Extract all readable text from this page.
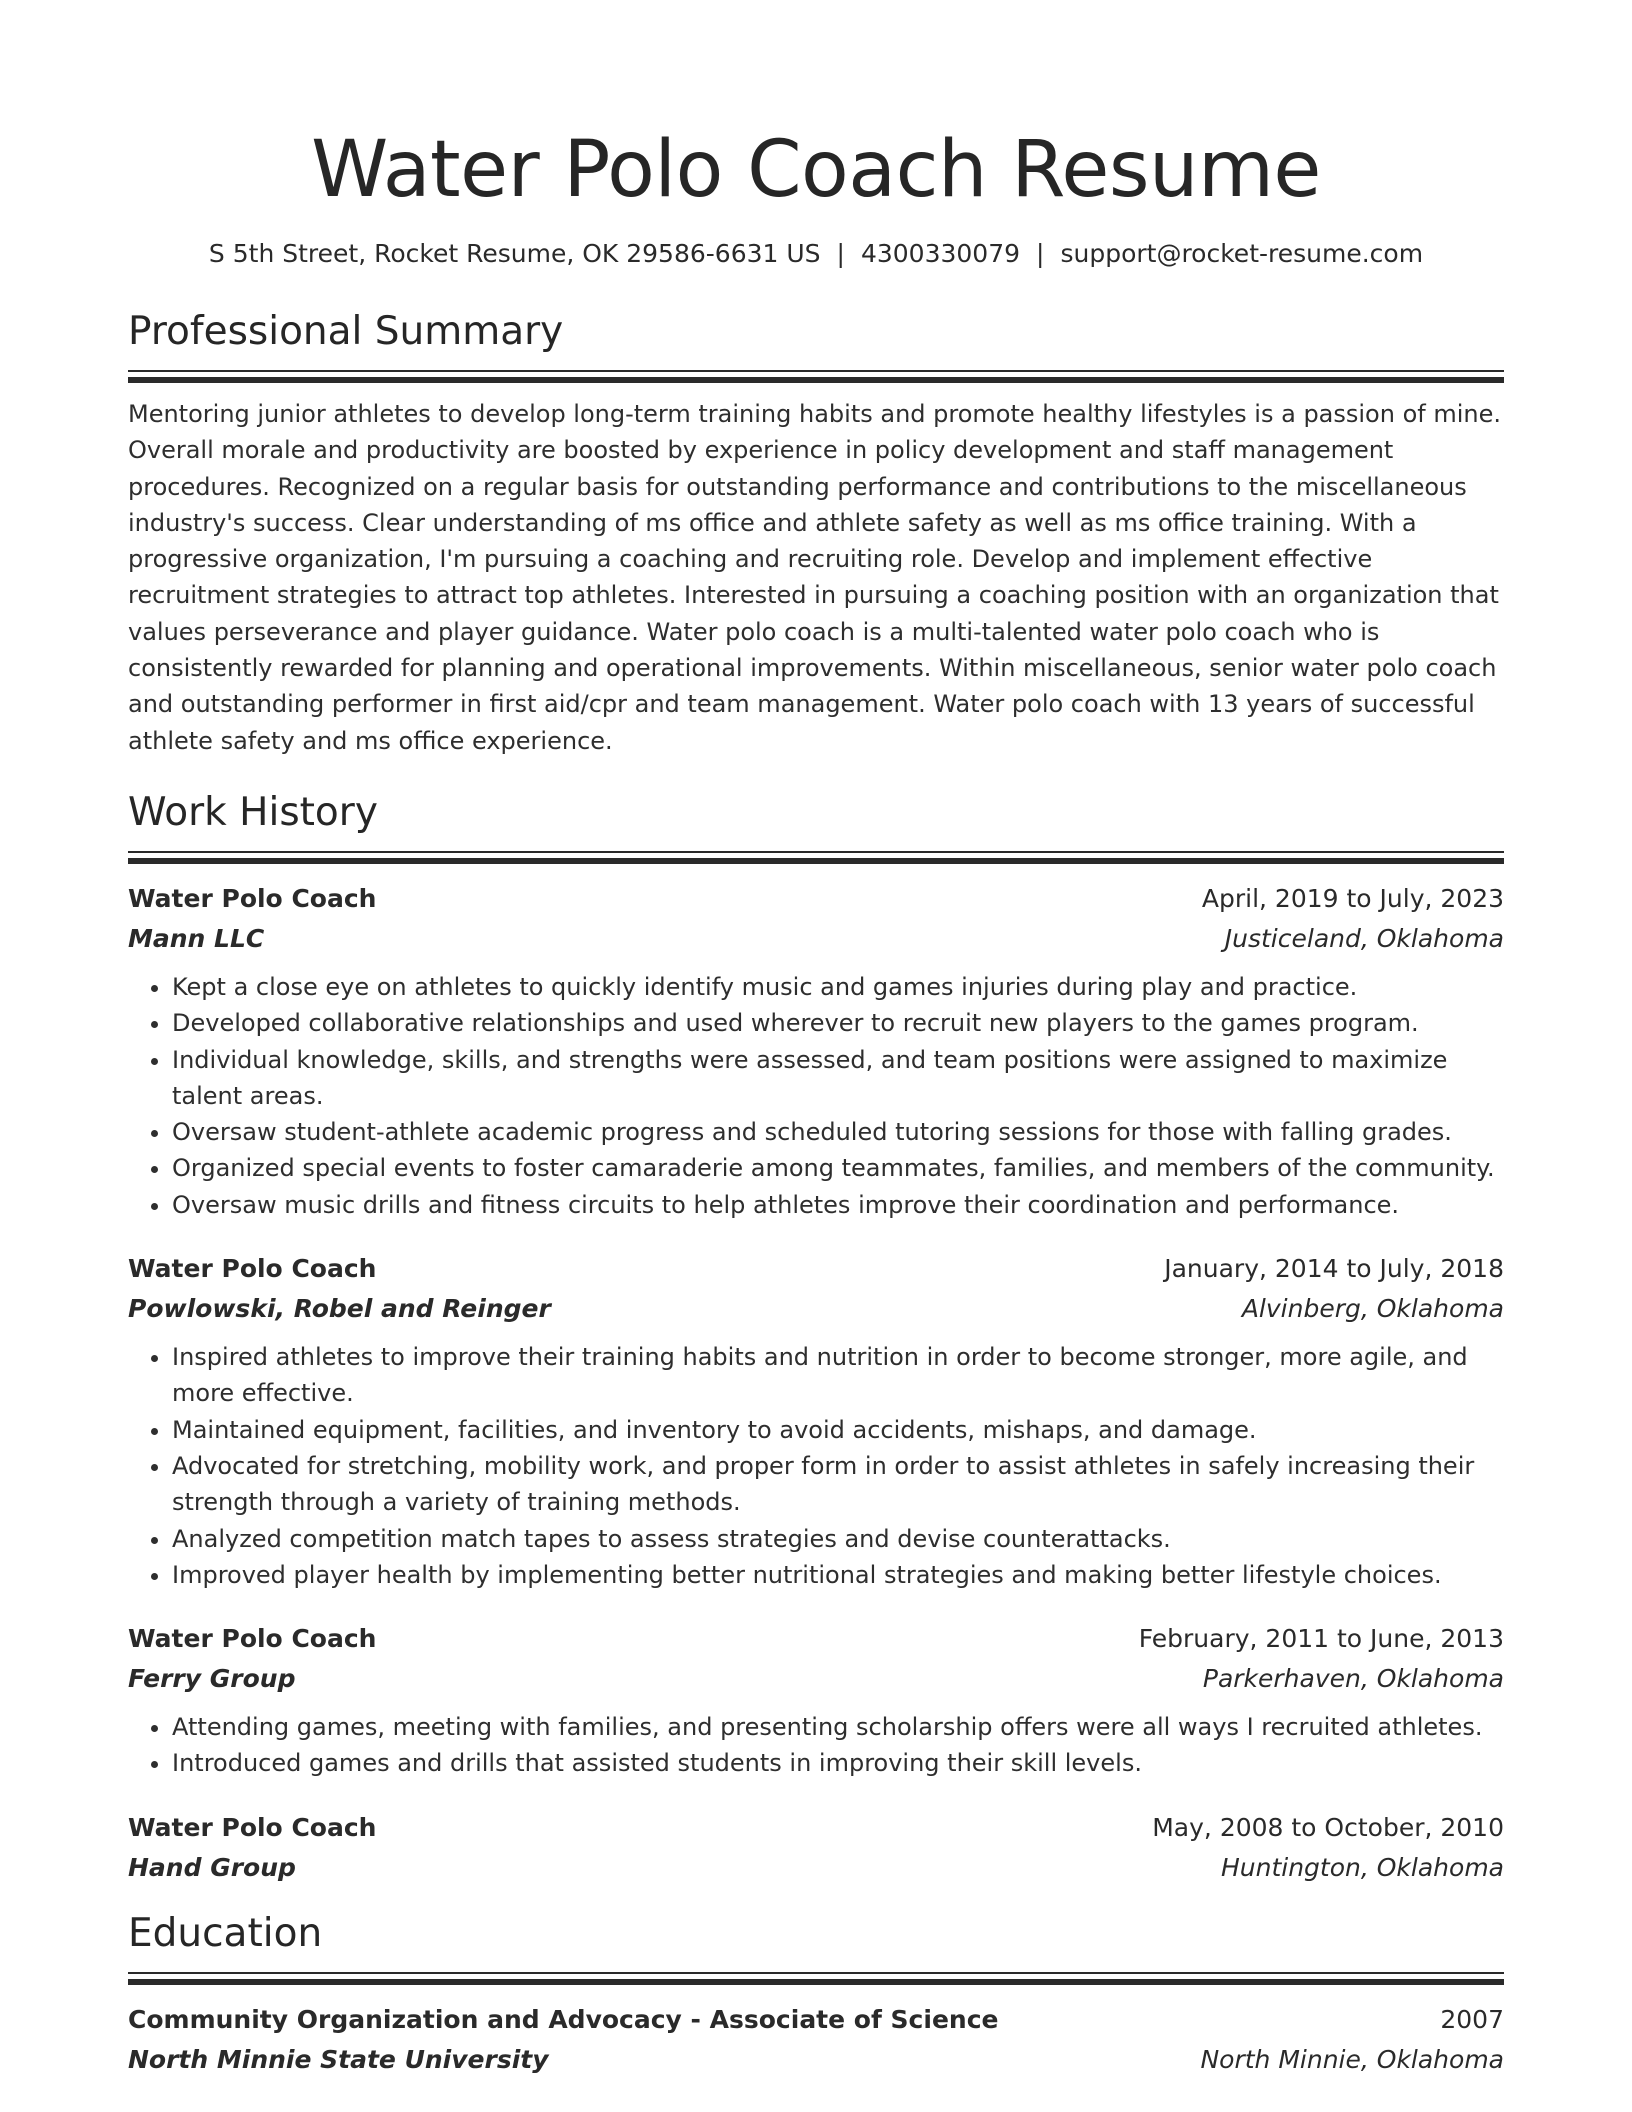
Water Polo Coach Resume
S 5th Street, Rocket Resume, OK 29586-6631 US | 4300330079 | support@rocket-resume.com
Professional Summary

Mentoring junior athletes to develop long-term training habits and promote healthy lifestyles is a passion of mine. Overall morale and productivity are boosted by experience in policy development and staff management procedures. Recognized on a regular basis for outstanding performance and contributions to the miscellaneous industry's success. Clear understanding of ms office and athlete safety as well as ms office training. With a progressive organization, I'm pursuing a coaching and recruiting role. Develop and implement effective recruitment strategies to attract top athletes. Interested in pursuing a coaching position with an organization that values perseverance and player guidance. Water polo coach is a multi-talented water polo coach who is consistently rewarded for planning and operational improvements. Within miscellaneous, senior water polo coach and outstanding performer in first aid/cpr and team management. Water polo coach with 13 years of successful athlete safety and ms office experience.

Work History
Water Polo Coach	April, 2019 to July, 2023
Mann LLC	Justiceland, Oklahoma
• Kept a close eye on athletes to quickly identify music and games injuries during play and practice.
• Developed collaborative relationships and used wherever to recruit new players to the games program.
• Individual knowledge, skills, and strengths were assessed, and team positions were assigned to maximize talent areas.
• Oversaw student-athlete academic progress and scheduled tutoring sessions for those with falling grades.
• Organized special events to foster camaraderie among teammates, families, and members of the community.
• Oversaw music drills and fitness circuits to help athletes improve their coordination and performance.
Water Polo Coach	January, 2014 to July, 2018
Powlowski, Robel and Reinger	Alvinberg, Oklahoma
• Inspired athletes to improve their training habits and nutrition in order to become stronger, more agile, and more effective.
• Maintained equipment, facilities, and inventory to avoid accidents, mishaps, and damage.
• Advocated for stretching, mobility work, and proper form in order to assist athletes in safely increasing their strength through a variety of training methods.
• Analyzed competition match tapes to assess strategies and devise counterattacks.
• Improved player health by implementing better nutritional strategies and making better lifestyle choices.
Water Polo Coach	February, 2011 to June, 2013
Ferry Group	Parkerhaven, Oklahoma
• Attending games, meeting with families, and presenting scholarship offers were all ways I recruited athletes.
• Introduced games and drills that assisted students in improving their skill levels.
Water Polo Coach	May, 2008 to October, 2010
Hand Group	Huntington, Oklahoma
Education
Community Organization and Advocacy - Associate of Science	2007
North Minnie State University	North Minnie, Oklahoma
